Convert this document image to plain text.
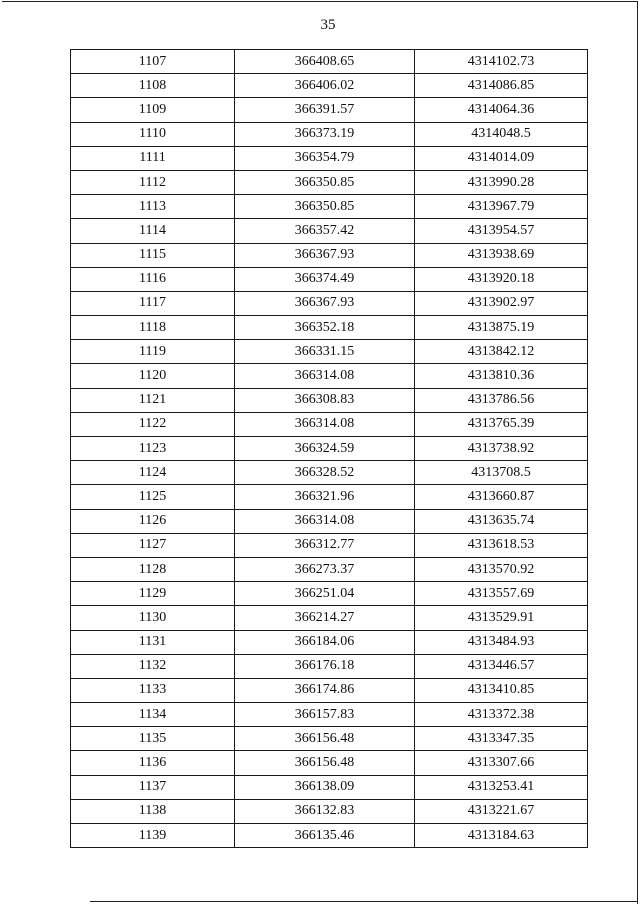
35
1107	366408.65	4314102.73
1108	366406.02	4314086.85
1109	366391.57	4314064.36
1110	366373.19	4314048.5
1111	366354.79	4314014.09
1112	366350.85	4313990.28
1113	366350.85	4313967.79
1114	366357.42	4313954.57
1115	366367.93	4313938.69
1116	366374.49	4313920.18
1117	366367.93	4313902.97
1118	366352.18	4313875.19
1119	366331.15	4313842.12
1120	366314.08	4313810.36
1121	366308.83	4313786.56
1122	366314.08	4313765.39
1123	366324.59	4313738.92
1124	366328.52	4313708.5
1125	366321.96	4313660.87
1126	366314.08	4313635.74
1127	366312.77	4313618.53
1128	366273.37	4313570.92
1129	366251.04	4313557.69
1130	366214.27	4313529.91
1131	366184.06	4313484.93
1132	366176.18	4313446.57
1133	366174.86	4313410.85
1134	366157.83	4313372.38
1135	366156.48	4313347.35
1136	366156.48	4313307.66
1137	366138.09	4313253.41
1138	366132.83	4313221.67
1139	366135.46	4313184.63
